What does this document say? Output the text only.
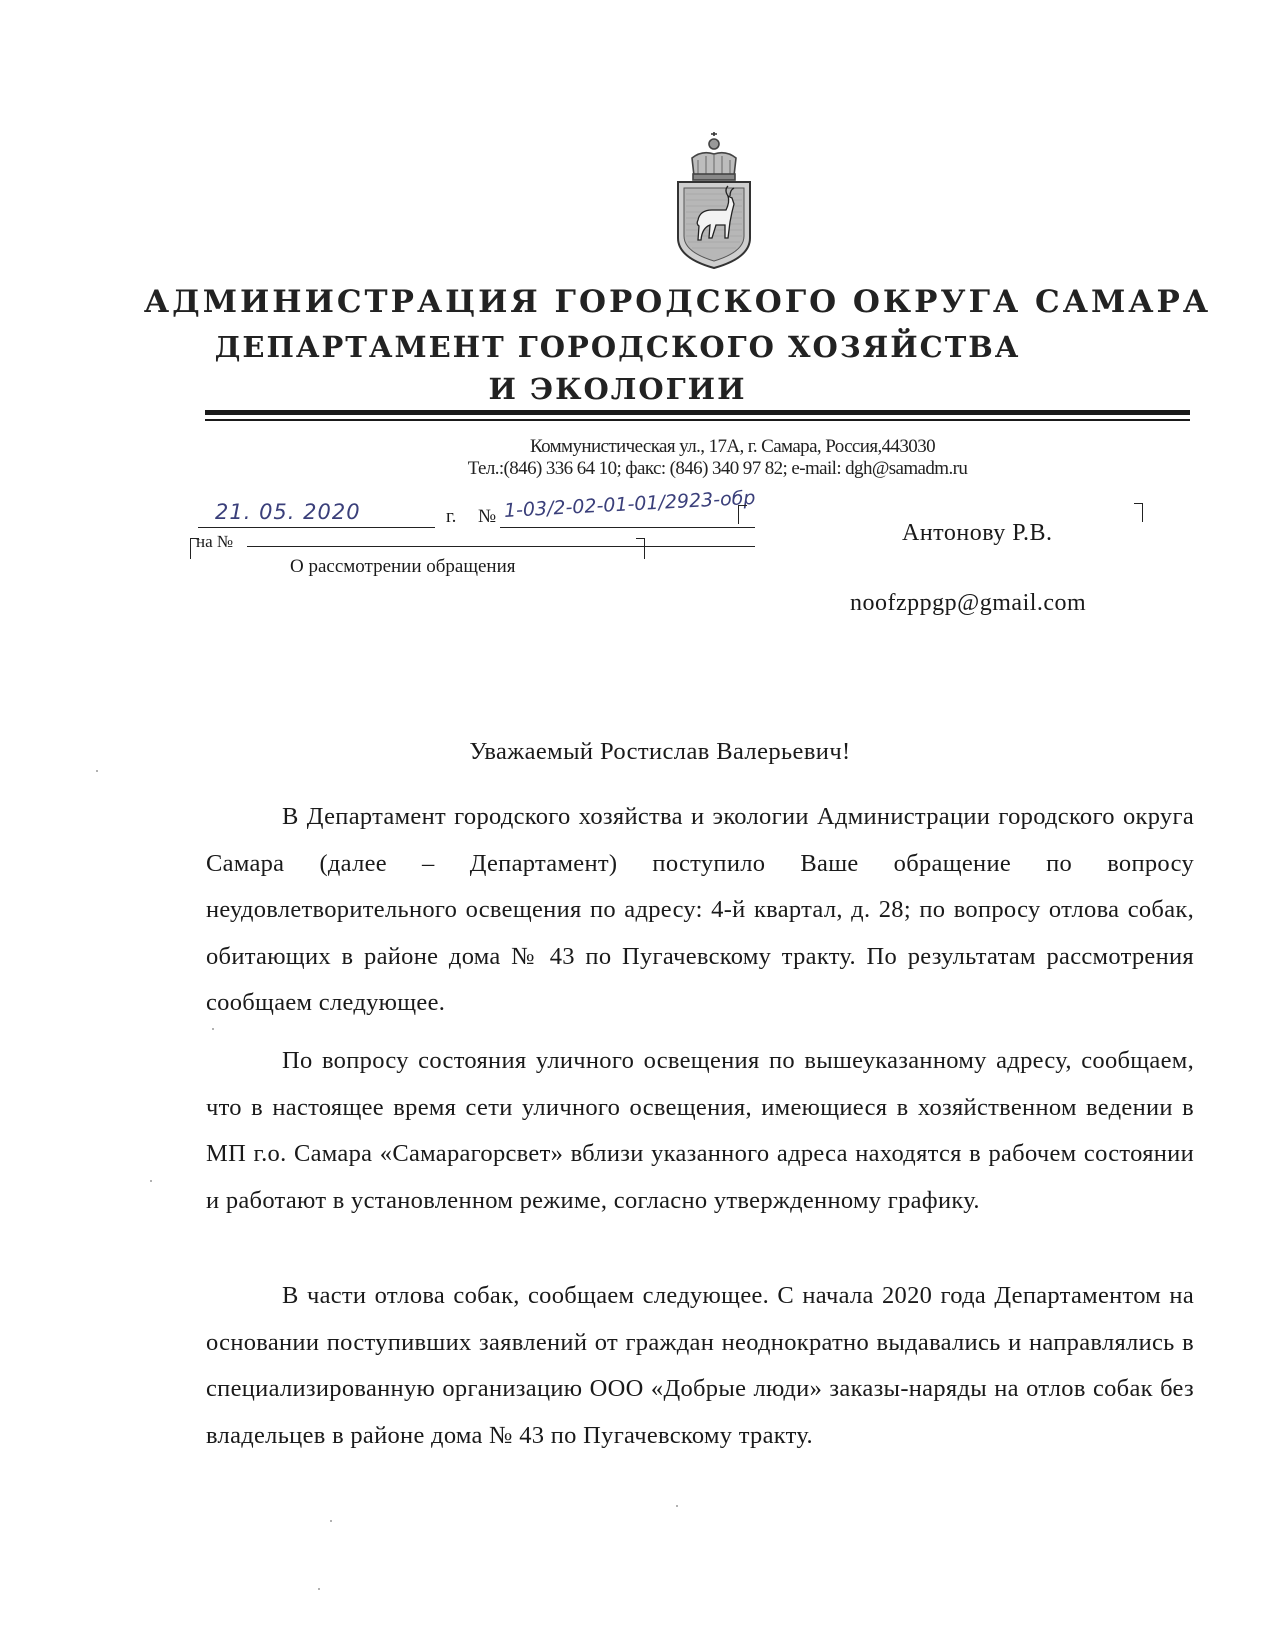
АДМИНИСТРАЦИЯ ГОРОДСКОГО ОКРУГА САМАРА
ДЕПАРТАМЕНТ ГОРОДСКОГО ХОЗЯЙСТВА
И ЭКОЛОГИИ
Коммунистическая ул., 17А, г. Самара, Россия,443030
Тел.:(846) 336 64 10; факс: (846) 340 97 82; e-mail: dgh@samadm.ru
21. 05. 2020	г. № 1-03/2-02-01-01/2923-обр
на №
О рассмотрении обращения
Антонову Р.В.
noofzppgp@gmail.com
Уважаемый Ростислав Валерьевич!

В Департамент городского хозяйства и экологии Администрации городского округа Самара (далее – Департамент) поступило Ваше обращение по вопросу неудовлетворительного освещения по адресу: 4-й квартал, д. 28; по вопросу отлова собак, обитающих в районе дома № 43 по Пугачевскому тракту. По результатам рассмотрения сообщаем следующее.

По вопросу состояния уличного освещения по вышеуказанному адресу, сообщаем, что в настоящее время сети уличного освещения, имеющиеся в хозяйственном ведении в МП г.о. Самара «Самарагорсвет» вблизи указанного адреса находятся в рабочем состоянии и работают в установленном режиме, согласно утвержденному графику.

В части отлова собак, сообщаем следующее. С начала 2020 года Департаментом на основании поступивших заявлений от граждан неоднократно выдавались и направлялись в специализированную организацию ООО «Добрые люди» заказы-наряды на отлов собак без владельцев в районе дома № 43 по Пугачевскому тракту.
